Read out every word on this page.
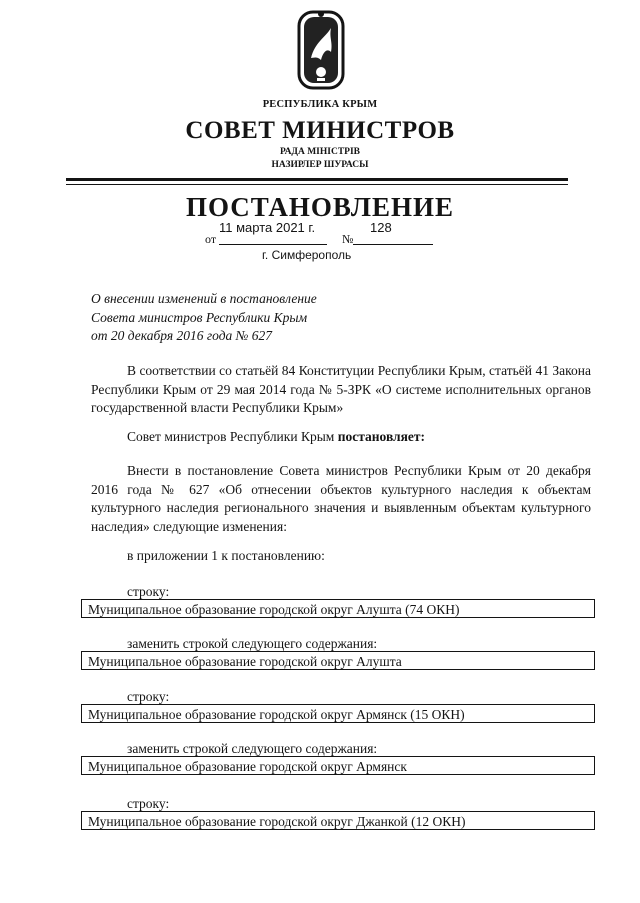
РЕСПУБЛИКА КРЫМ
СОВЕТ МИНИСТРОВ
РАДА МІНІСТРІВ
НАЗИРЛЕР ШУРАСЫ
ПОСТАНОВЛЕНИЕ
от
11 марта 2021 г.
№
128
г. Симферополь
О внесении изменений в постановление
Совета министров Республики Крым
от 20 декабря 2016 года № 627
В соответствии со статьёй 84 Конституции Республики Крым, статьёй 41 Закона Республики Крым от 29 мая 2014 года № 5-ЗРК «О системе исполнительных органов государственной власти Республики Крым»
Совет министров Республики Крым постановляет:
Внести в постановление Совета министров Республики Крым от 20 декабря 2016 года № 627 «Об отнесении объектов культурного наследия к объектам культурного наследия регионального значения и выявленным объектам культурного наследия» следующие изменения:
в приложении 1 к постановлению:
строку:
Муниципальное образование городской округ Алушта (74 ОКН)
заменить строкой следующего содержания:
Муниципальное образование городской округ Алушта
строку:
Муниципальное образование городской округ Армянск (15 ОКН)
заменить строкой следующего содержания:
Муниципальное образование городской округ Армянск
строку:
Муниципальное образование городской округ Джанкой (12 ОКН)
